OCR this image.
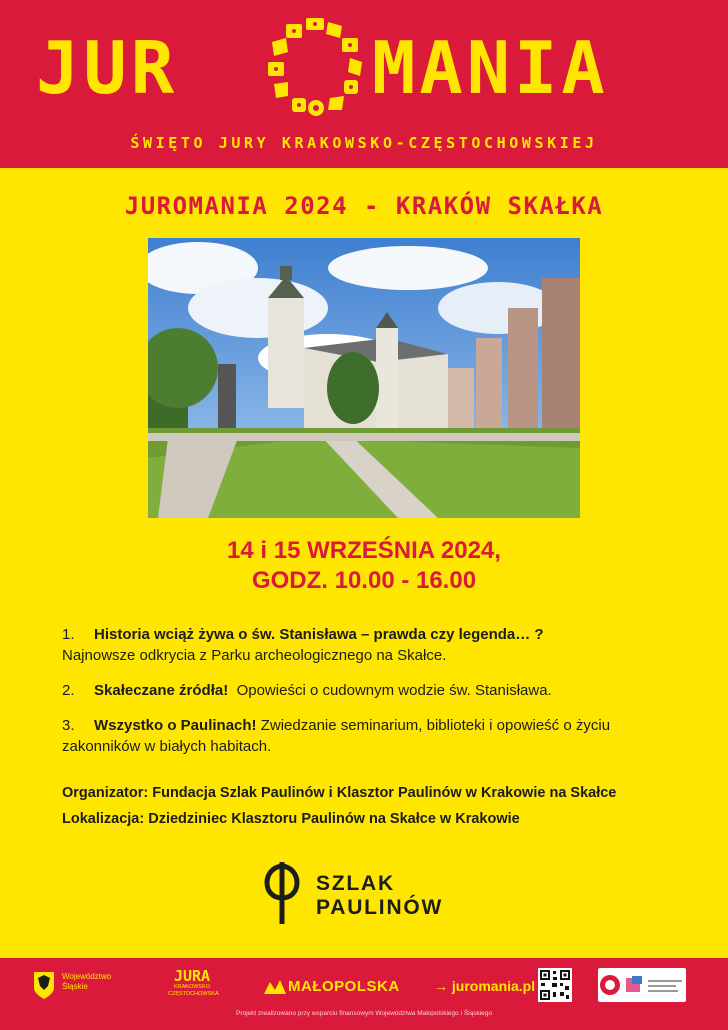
JUR	MANIA
ŚWIĘTO JURY KRAKOWSKO-CZĘSTOCHOWSKIEJ
JUROMANIA 2024 - KRAKÓW SKAŁKA
14 i 15 WRZEŚNIA 2024,
GODZ. 10.00 - 16.00
1. Historia wciąż żywa o św. Stanisława – prawda czy legenda… ?
Najnowsze odkrycia z Parku archeologicznego na Skałce.
2. Skałeczane źródła! Opowieści o cudownym wodzie św. Stanisława.
3. Wszystko o Paulinach! Zwiedzanie seminarium, biblioteki i opowieść o życiu zakonników w białych habitach.
Organizator: Fundacja Szlak Paulinów i Klasztor Paulinów w Krakowie na Skałce
Lokalizacja: Dziedziniec Klasztoru Paulinów na Skałce w Krakowie
SZLAK
PAULINÓW
Województwo
Śląskie
JURA
KRAKOWSKO
CZĘSTOCHOWSKA	MAŁOPOLSKA → juromania.pl
Projekt zrealizowano przy wsparciu finansowym Województwa Małopolskiego i Śląskiego
